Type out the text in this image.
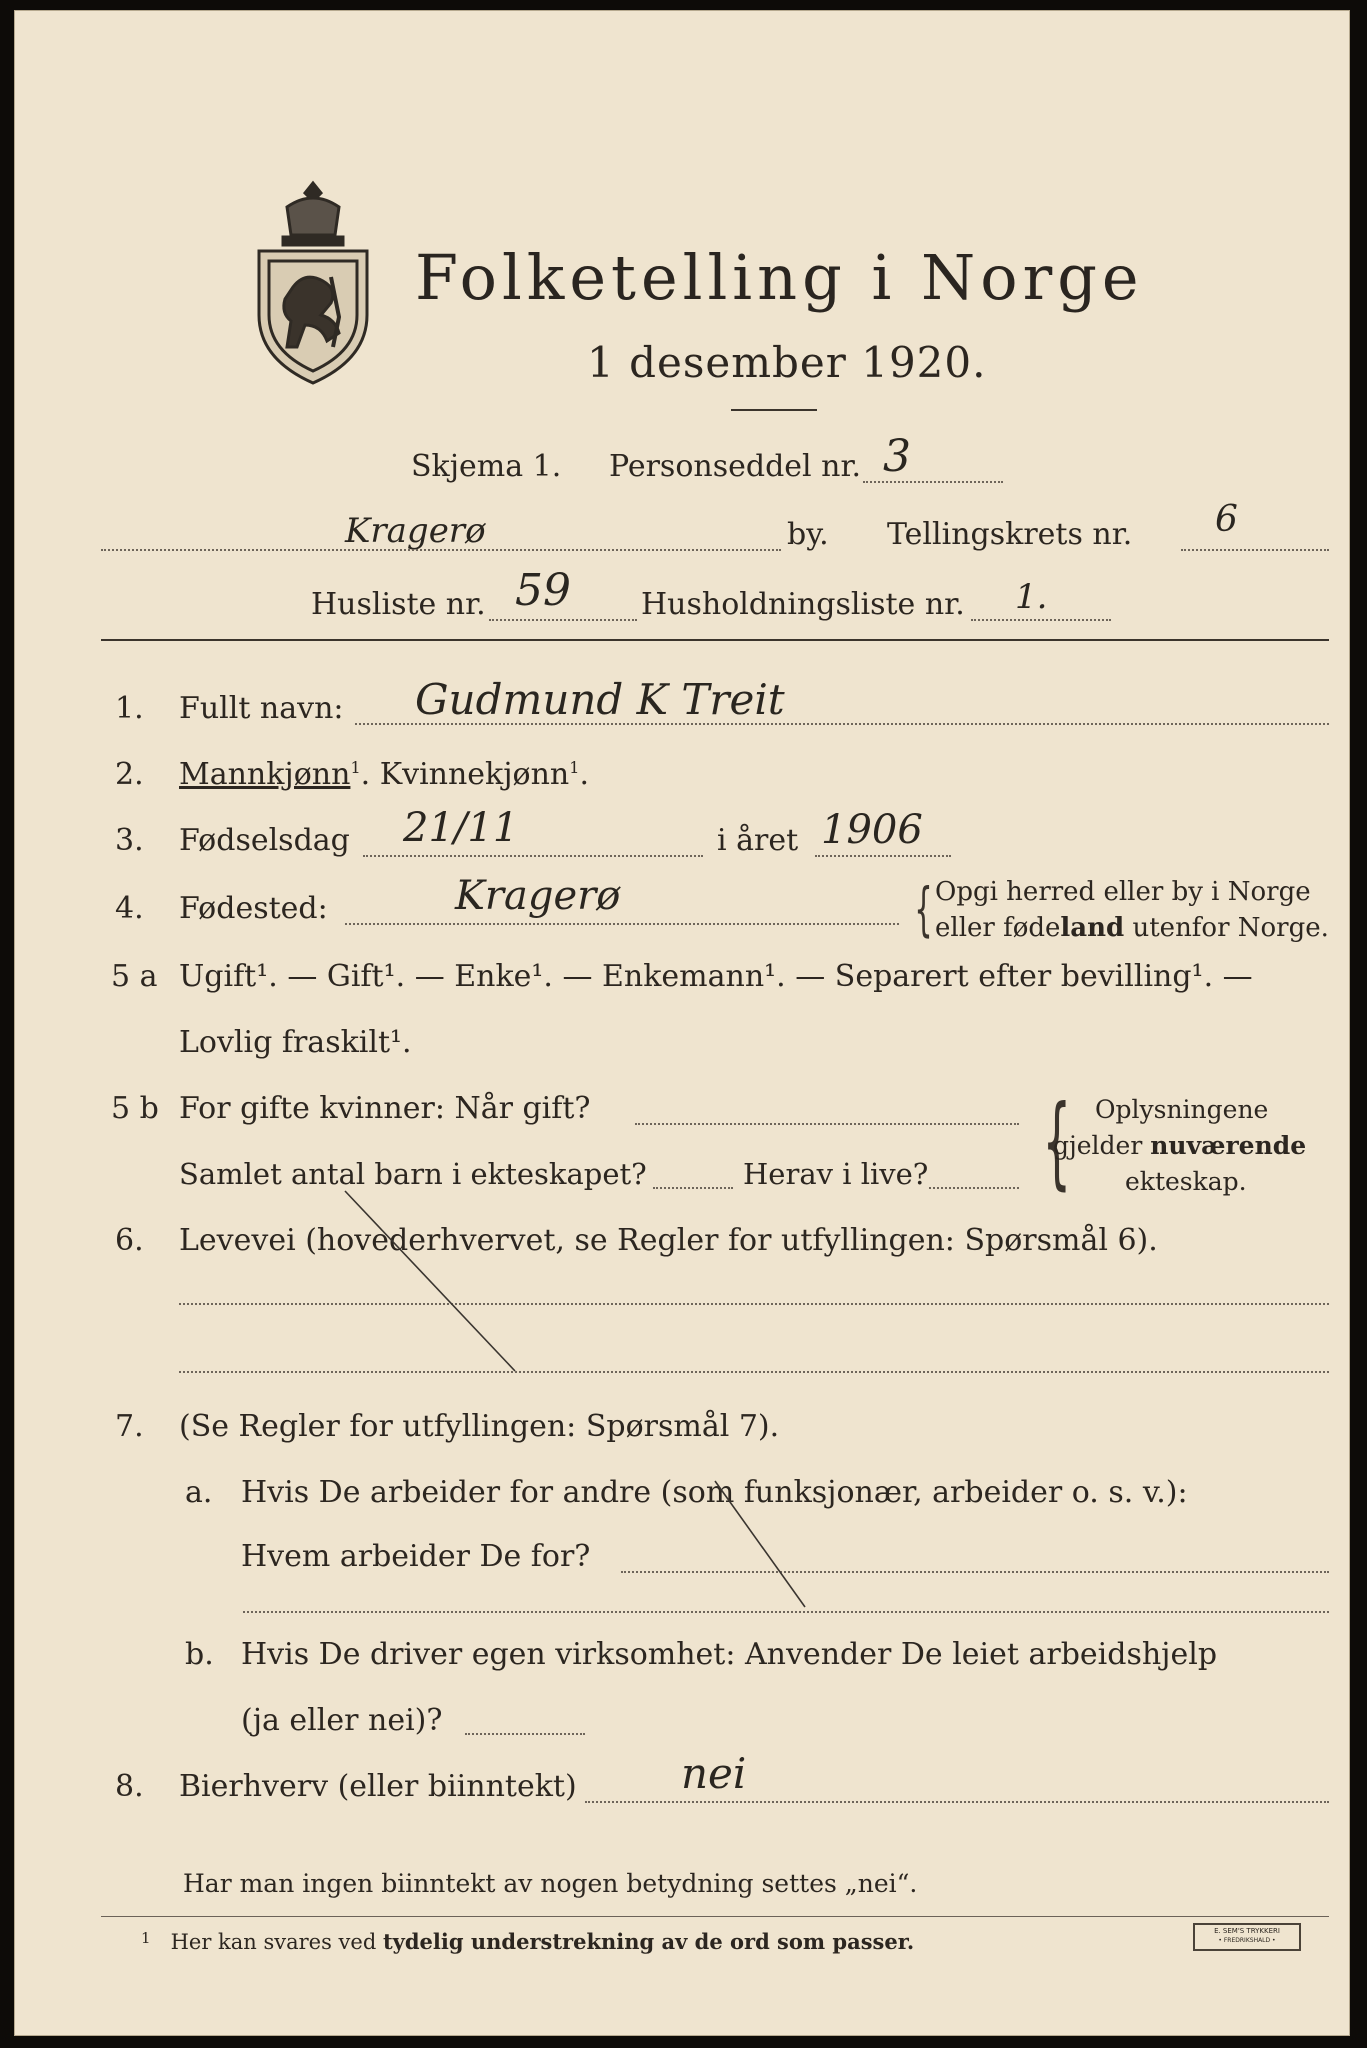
Folketelling i Norge
1 desember 1920.
Skjema 1. Personseddel nr. 3
Kragerø	by. Tellingskrets nr. 6
Husliste nr. 59 Husholdningsliste nr. 1.
1. Fullt navn: Gudmund K Treit
2. Mannkjønn$^1$. Kvinnekjønn$^1$.
3. Fødselsdag 21/11	i året 1906
4. Fødested:	Kragerø	{ Opgi herred eller by i Norge
eller fødeland utenfor Norge.
5 a Ugift¹. — Gift¹. — Enke¹. — Enkemann¹. — Separert efter bevilling¹. —
Lovlig fraskilt¹.
5 b For gifte kvinner: Når gift?
Samlet antal barn i ekteskapet?	Herav i live? { Oplysningene
gjelder nuværende
ekteskap.
6. Levevei (hovederhvervet, se Regler for utfyllingen: Spørsmål 6).
7. (Se Regler for utfyllingen: Spørsmål 7).
a. Hvis De arbeider for andre (som funksjonær, arbeider o. s. v.):
Hvem arbeider De for?
b. Hvis De driver egen virksomhet: Anvender De leiet arbeidshjelp
(ja eller nei)?
8. Bierhverv (eller biinntekt) nei
Har man ingen biinntekt av nogen betydning settes „nei“.
$^1$ Her kan svares ved tydelig understrekning av de ord som passer.	E. SEM'S TRYKKERI
• FREDRIKSHALD •
